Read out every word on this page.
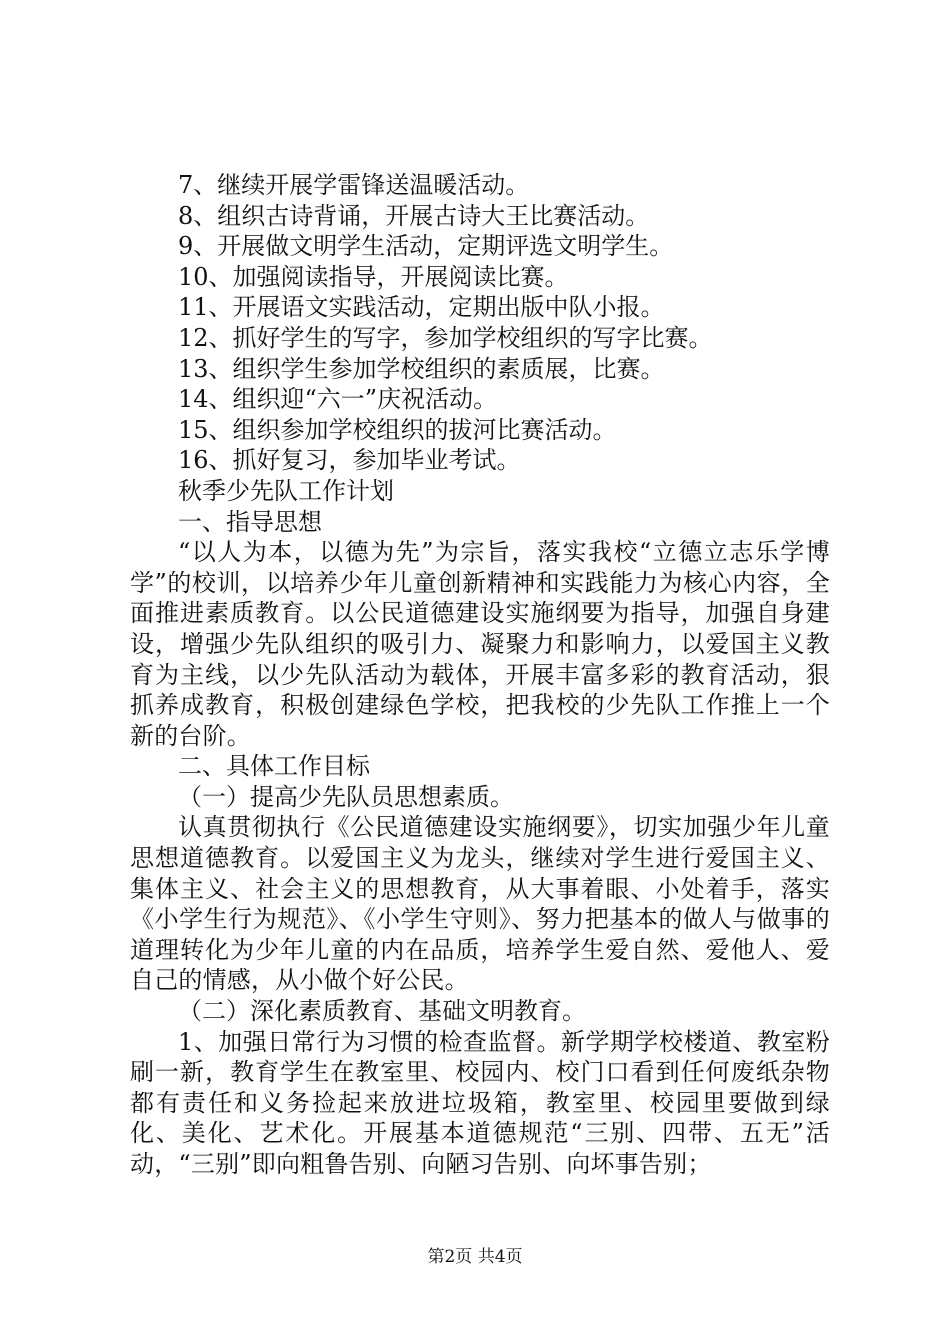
7、继续开展学雷锋送温暖活动。
8、组织古诗背诵，开展古诗大王比赛活动。
9、开展做文明学生活动，定期评选文明学生。
10、加强阅读指导，开展阅读比赛。
11、开展语文实践活动，定期出版中队小报。
12、抓好学生的写字，参加学校组织的写字比赛。
13、组织学生参加学校组织的素质展，比赛。
14、组织迎“六一”庆祝活动。
15、组织参加学校组织的拔河比赛活动。
16、抓好复习，参加毕业考试。
秋季少先队工作计划
一、指导思想

“以人为本，以德为先”为宗旨，落实我校“立德立志乐学博学”的校训，以培养少年儿童创新精神和实践能力为核心内容，全面推进素质教育。以公民道德建设实施纲要为指导，加强自身建设，增强少先队组织的吸引力、凝聚力和影响力，以爱国主义教育为主线，以少先队活动为载体，开展丰富多彩的教育活动，狠抓养成教育，积极创建绿色学校，把我校的少先队工作推上一个新的台阶。

二、具体工作目标
（一）提高少先队员思想素质。

认真贯彻执行《公民道德建设实施纲要》，切实加强少年儿童思想道德教育。以爱国主义为龙头，继续对学生进行爱国主义、集体主义、社会主义的思想教育，从大事着眼、小处着手，落实《小学生行为规范》、《小学生守则》、努力把基本的做人与做事的道理转化为少年儿童的内在品质，培养学生爱自然、爱他人、爱自己的情感，从小做个好公民。

（二）深化素质教育、基础文明教育。

1、加强日常行为习惯的检查监督。新学期学校楼道、教室粉刷一新，教育学生在教室里、校园内、校门口看到任何废纸杂物都有责任和义务捡起来放进垃圾箱，教室里、校园里要做到绿化、美化、艺术化。开展基本道德规范“三别、四带、五无”活动，“三别”即向粗鲁告别、向陋习告别、向坏事告别；

第2页 共4页
